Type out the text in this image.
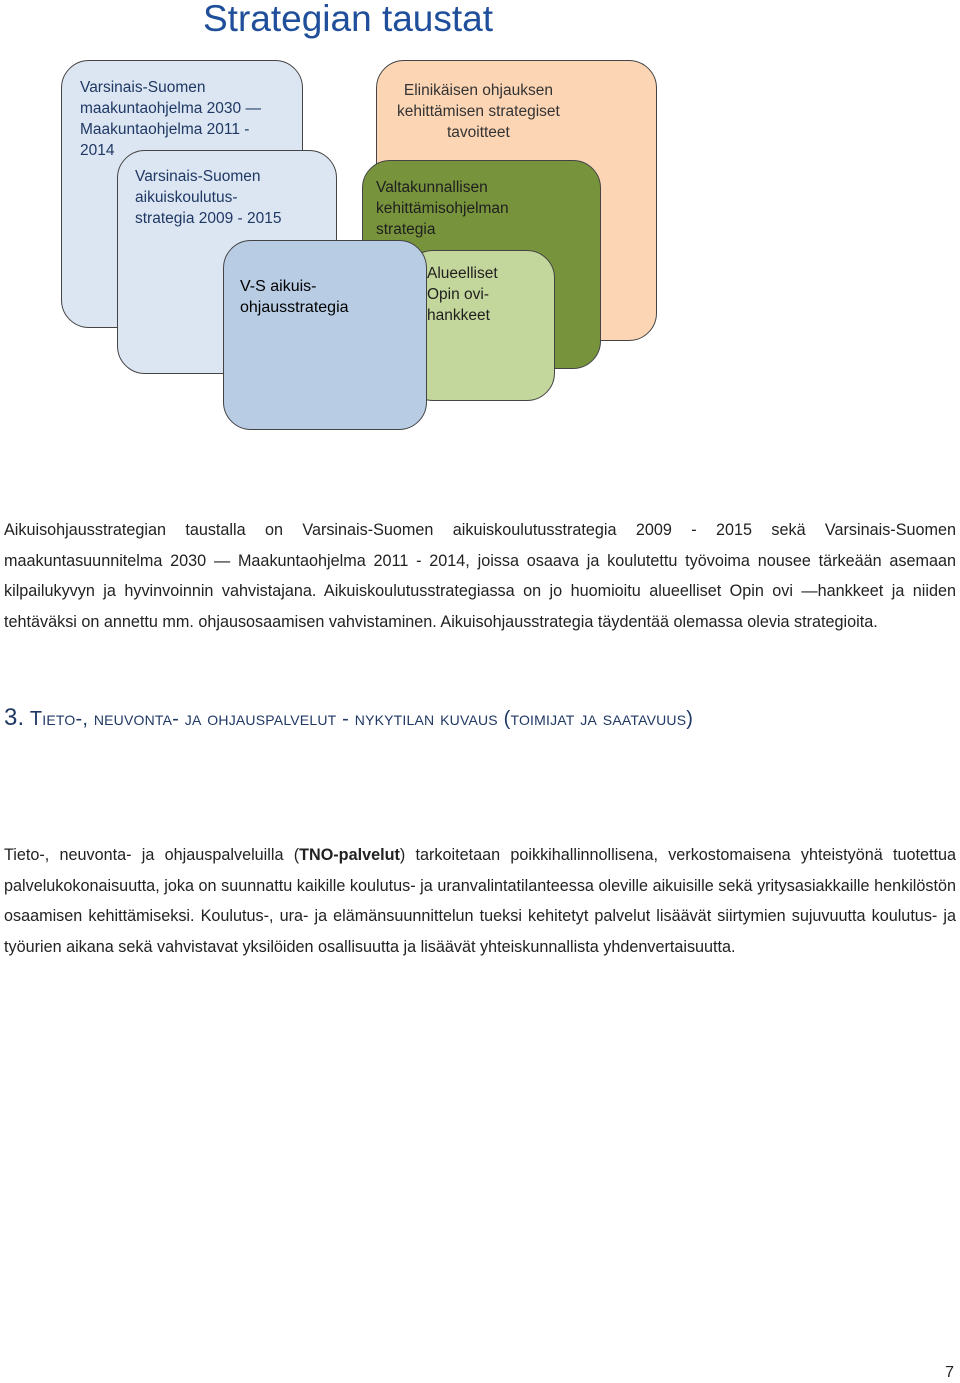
Strategian taustat
Varsinais-Suomen
maakuntaohjelma 2030 —
Maakuntaohjelma 2011 -
2014
Elinikäisen ohjauksen
kehittämisen strategiset
tavoitteet
Varsinais-Suomen
aikuiskoulutus-
strategia 2009 - 2015
Valtakunnallisen
kehittämisohjelman
strategia
Alueelliset
Opin ovi-
hankkeet
V-S aikuis-
ohjausstrategia

Aikuisohjausstrategian taustalla on Varsinais-Suomen aikuiskoulutusstrategia 2009 - 2015 sekä Varsinais-Suomen maakuntasuunnitelma 2030 — Maakuntaohjelma 2011 - 2014, joissa osaava ja koulutettu työvoima nousee tärkeään asemaan kilpailukyvyn ja hyvinvoinnin vahvistajana. Aikuiskoulutusstrategiassa on jo huomioitu alueelliset Opin ovi —hankkeet ja niiden tehtäväksi on annettu mm. ohjausosaamisen vahvistaminen. Aikuisohjausstrategia täydentää olemassa olevia strategioita.

3. Tieto-, neuvonta- ja ohjauspalvelut - nykytilan kuvaus (toimijat ja saatavuus)

Tieto-, neuvonta- ja ohjauspalveluilla (TNO-palvelut) tarkoitetaan poikkihallinnollisena, verkostomaisena yhteistyönä tuotettua palvelukokonaisuutta, joka on suunnattu kaikille koulutus- ja uranvalintatilanteessa oleville aikuisille sekä yritysasiakkaille henkilöstön osaamisen kehittämiseksi. Koulutus-, ura- ja elämänsuunnittelun tueksi kehitetyt palvelut lisäävät siirtymien sujuvuutta koulutus- ja työurien aikana sekä vahvistavat yksilöiden osallisuutta ja lisäävät yhteiskunnallista yhdenvertaisuutta.

7
